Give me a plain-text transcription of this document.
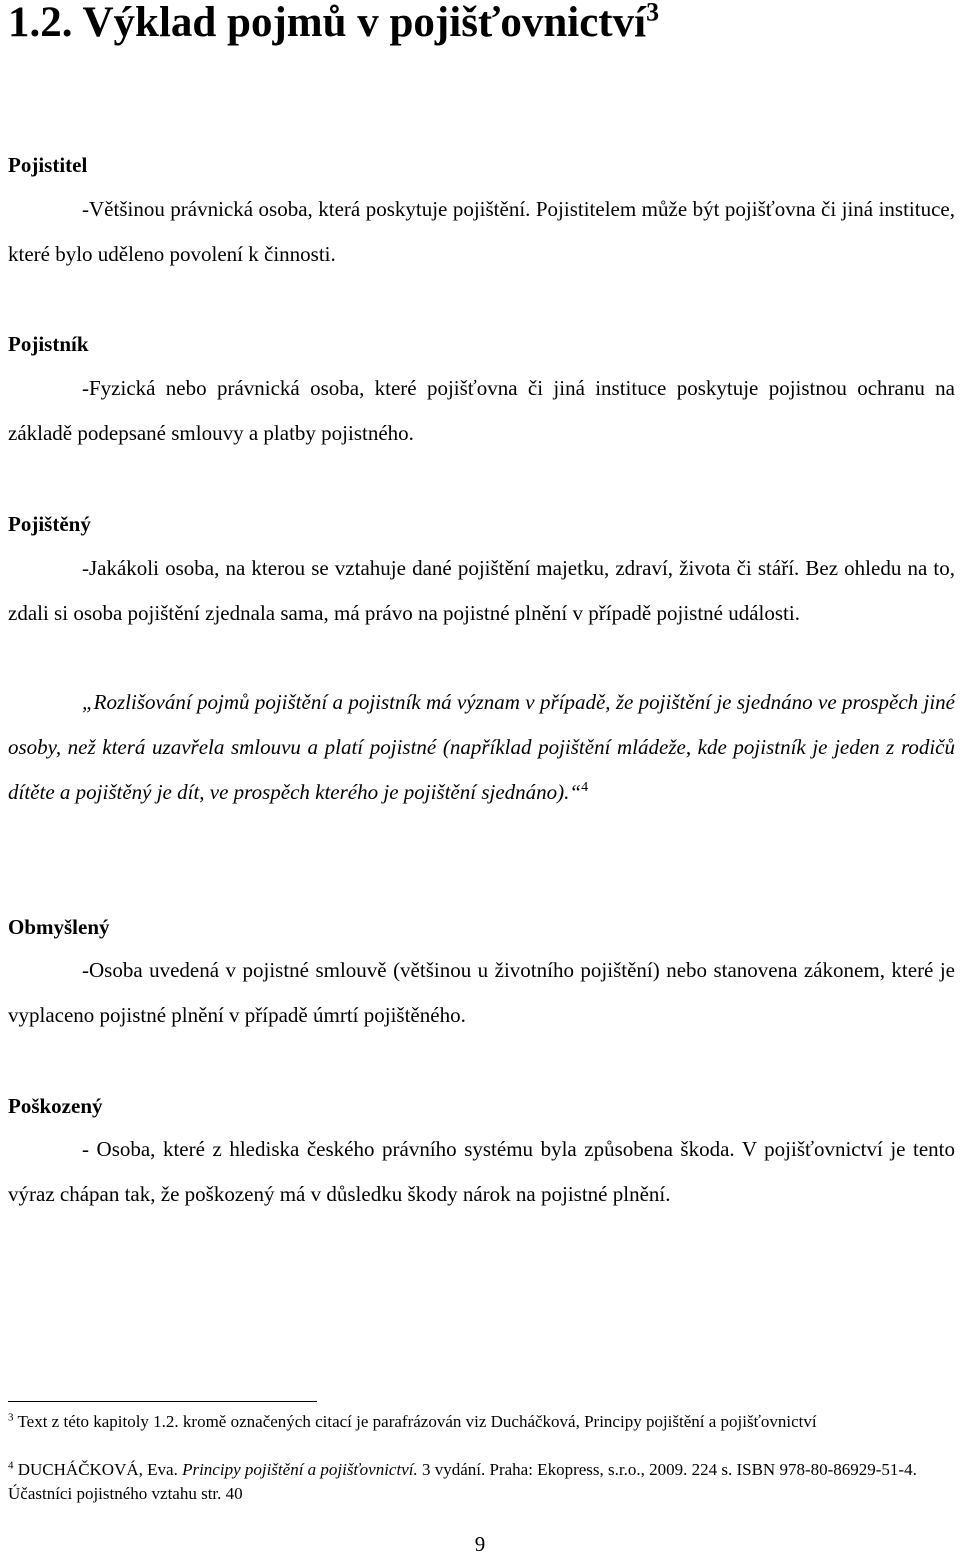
1.2. Výklad pojmů v pojišťovnictví$^3$

Pojistitel

-Většinou právnická osoba, která poskytuje pojištění. Pojistitelem může být pojišťovna či jiná instituce, které bylo uděleno povolení k činnosti.

Pojistník

-Fyzická nebo právnická osoba, které pojišťovna či jiná instituce poskytuje pojistnou ochranu na základě podepsané smlouvy a platby pojistného.

Pojištěný

-Jakákoli osoba, na kterou se vztahuje dané pojištění majetku, zdraví, života či stáří. Bez ohledu na to, zdali si osoba pojištění zjednala sama, má právo na pojistné plnění v případě pojistné události.

„Rozlišování pojmů pojištění a pojistník má význam v případě, že pojištění je sjednáno ve prospěch jiné osoby, než která uzavřela smlouvu a platí pojistné (například pojištění mládeže, kde pojistník je jeden z rodičů dítěte a pojištěný je dít, ve prospěch kterého je pojištění sjednáno).“$^4$

Obmyšlený

-Osoba uvedená v pojistné smlouvě (většinou u životního pojištění) nebo stanovena zákonem, které je vyplaceno pojistné plnění v případě úmrtí pojištěného.

Poškozený

- Osoba, které z hlediska českého právního systému byla způsobena škoda. V pojišťovnictví je tento výraz chápan tak, že poškozený má v důsledku škody nárok na pojistné plnění.

$^3$ Text z této kapitoly 1.2. kromě označených citací je parafrázován viz Ducháčková, Principy pojištění a pojišťovnictví

$^4$ DUCHÁČKOVÁ, Eva. Principy pojištění a pojišťovnictví. 3 vydání. Praha: Ekopress, s.r.o., 2009. 224 s. ISBN 978-80-86929-51-4. Účastníci pojistného vztahu str. 40

9
